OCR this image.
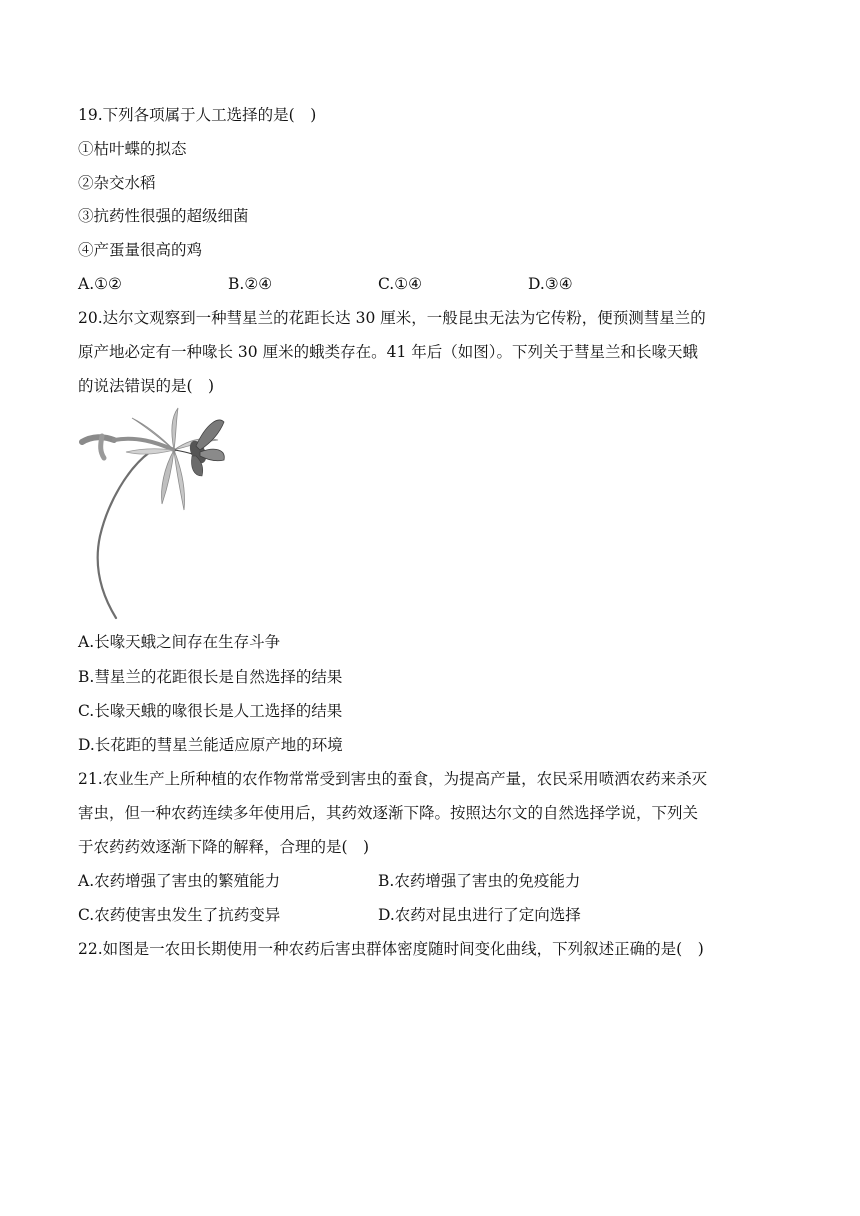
19.下列各项属于人工选择的是(　)
①枯叶蝶的拟态
②杂交水稻
③抗药性很强的超级细菌
④产蛋量很高的鸡
A.①②	B.②④	C.①④	D.③④
20.达尔文观察到一种彗星兰的花距长达 30 厘米，一般昆虫无法为它传粉，便预测彗星兰的
原产地必定有一种喙长 30 厘米的蛾类存在。41 年后（如图）。下列关于彗星兰和长喙天蛾
的说法错误的是(　)
A.长喙天蛾之间存在生存斗争
B.彗星兰的花距很长是自然选择的结果
C.长喙天蛾的喙很长是人工选择的结果
D.长花距的彗星兰能适应原产地的环境
21.农业生产上所种植的农作物常常受到害虫的蚕食，为提高产量，农民采用喷洒农药来杀灭
害虫，但一种农药连续多年使用后，其药效逐渐下降。按照达尔文的自然选择学说，下列关
于农药药效逐渐下降的解释，合理的是(　)
A.农药增强了害虫的繁殖能力	B.农药增强了害虫的免疫能力
C.农药使害虫发生了抗药变异	D.农药对昆虫进行了定向选择
22.如图是一农田长期使用一种农药后害虫群体密度随时间变化曲线，下列叙述正确的是(　)
